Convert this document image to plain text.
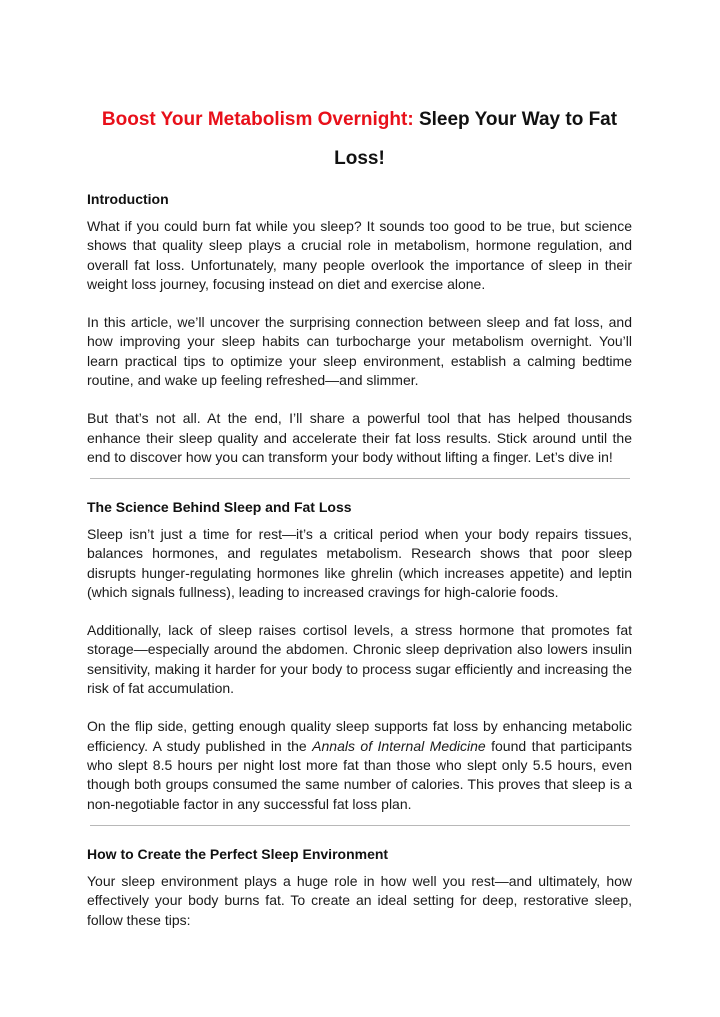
Boost Your Metabolism Overnight: Sleep Your Way to Fat Loss!
Introduction

What if you could burn fat while you sleep? It sounds too good to be true, but science shows that quality sleep plays a crucial role in metabolism, hormone regulation, and overall fat loss. Unfortunately, many people overlook the importance of sleep in their weight loss journey, focusing instead on diet and exercise alone.

In this article, we’ll uncover the surprising connection between sleep and fat loss, and how improving your sleep habits can turbocharge your metabolism overnight. You’ll learn practical tips to optimize your sleep environment, establish a calming bedtime routine, and wake up feeling refreshed—and slimmer.

But that’s not all. At the end, I’ll share a powerful tool that has helped thousands enhance their sleep quality and accelerate their fat loss results. Stick around until the end to discover how you can transform your body without lifting a finger. Let’s dive in!

The Science Behind Sleep and Fat Loss

Sleep isn’t just a time for rest—it’s a critical period when your body repairs tissues, balances hormones, and regulates metabolism. Research shows that poor sleep disrupts hunger-regulating hormones like ghrelin (which increases appetite) and leptin (which signals fullness), leading to increased cravings for high-calorie foods.

Additionally, lack of sleep raises cortisol levels, a stress hormone that promotes fat storage—especially around the abdomen. Chronic sleep deprivation also lowers insulin sensitivity, making it harder for your body to process sugar efficiently and increasing the risk of fat accumulation.

On the flip side, getting enough quality sleep supports fat loss by enhancing metabolic efficiency. A study published in the Annals of Internal Medicine found that participants who slept 8.5 hours per night lost more fat than those who slept only 5.5 hours, even though both groups consumed the same number of calories. This proves that sleep is a non-negotiable factor in any successful fat loss plan.

How to Create the Perfect Sleep Environment

Your sleep environment plays a huge role in how well you rest—and ultimately, how effectively your body burns fat. To create an ideal setting for deep, restorative sleep, follow these tips:
